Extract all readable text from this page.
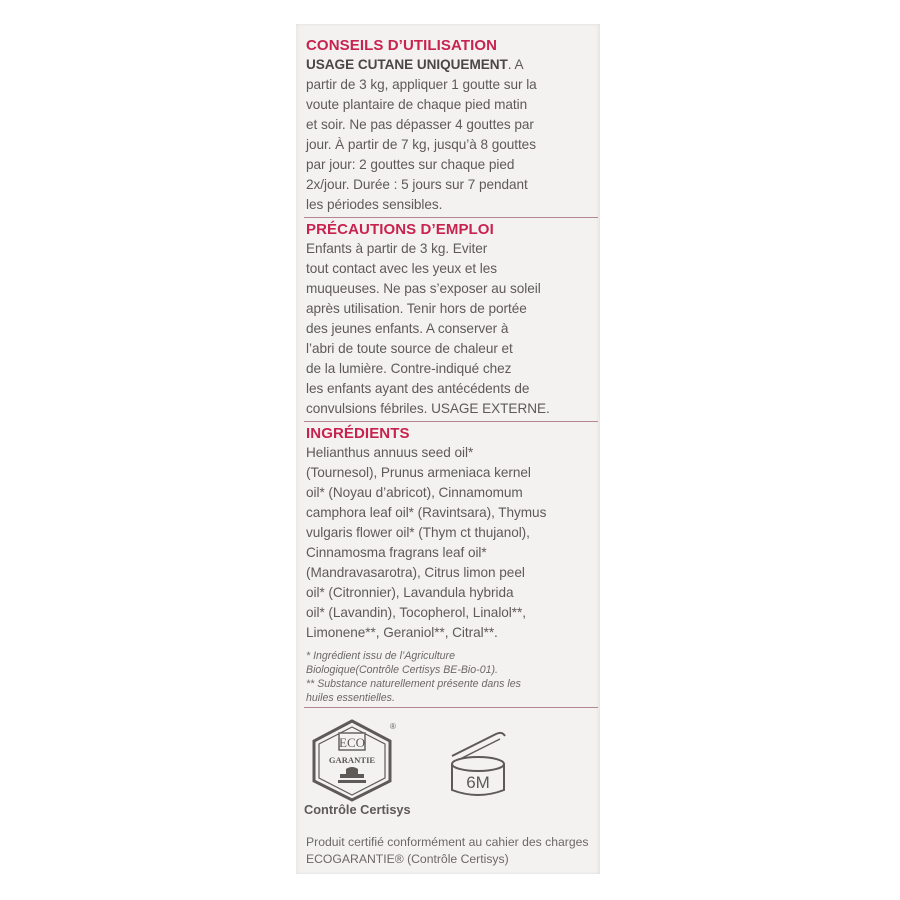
CONSEILS D’UTILISATION

USAGE CUTANE UNIQUEMENT. A
partir de 3 kg, appliquer 1 goutte sur la
voute plantaire de chaque pied matin
et soir. Ne pas dépasser 4 gouttes par
jour. À partir de 7 kg, jusqu’à 8 gouttes
par jour: 2 gouttes sur chaque pied
2x/jour. Durée : 5 jours sur 7 pendant
les périodes sensibles.

PRÉCAUTIONS D’EMPLOI

Enfants à partir de 3 kg. Eviter
tout contact avec les yeux et les
muqueuses. Ne pas s’exposer au soleil
après utilisation. Tenir hors de portée
des jeunes enfants. A conserver à
l’abri de toute source de chaleur et
de la lumière. Contre-indiqué chez
les enfants ayant des antécédents de
convulsions fébriles. USAGE EXTERNE.

INGRÉDIENTS

Helianthus annuus seed oil*
(Tournesol), Prunus armeniaca kernel
oil* (Noyau d’abricot), Cinnamomum
camphora leaf oil* (Ravintsara), Thymus
vulgaris flower oil* (Thym ct thujanol),
Cinnamosma fragrans leaf oil*
(Mandravasarotra), Citrus limon peel
oil* (Citronnier), Lavandula hybrida
oil* (Lavandin), Tocopherol, Linalol**,
Limonene**, Geraniol**, Citral**.

* Ingrédient issu de l’Agriculture
Biologique(Contrôle Certisys BE-Bio-01).
** Substance naturellement présente dans les
huiles essentielles.

ECO
GARANTIE
®
Contrôle Certisys
6M

Produit certifié conformément au cahier des charges
ECOGARANTIE® (Contrôle Certisys)
